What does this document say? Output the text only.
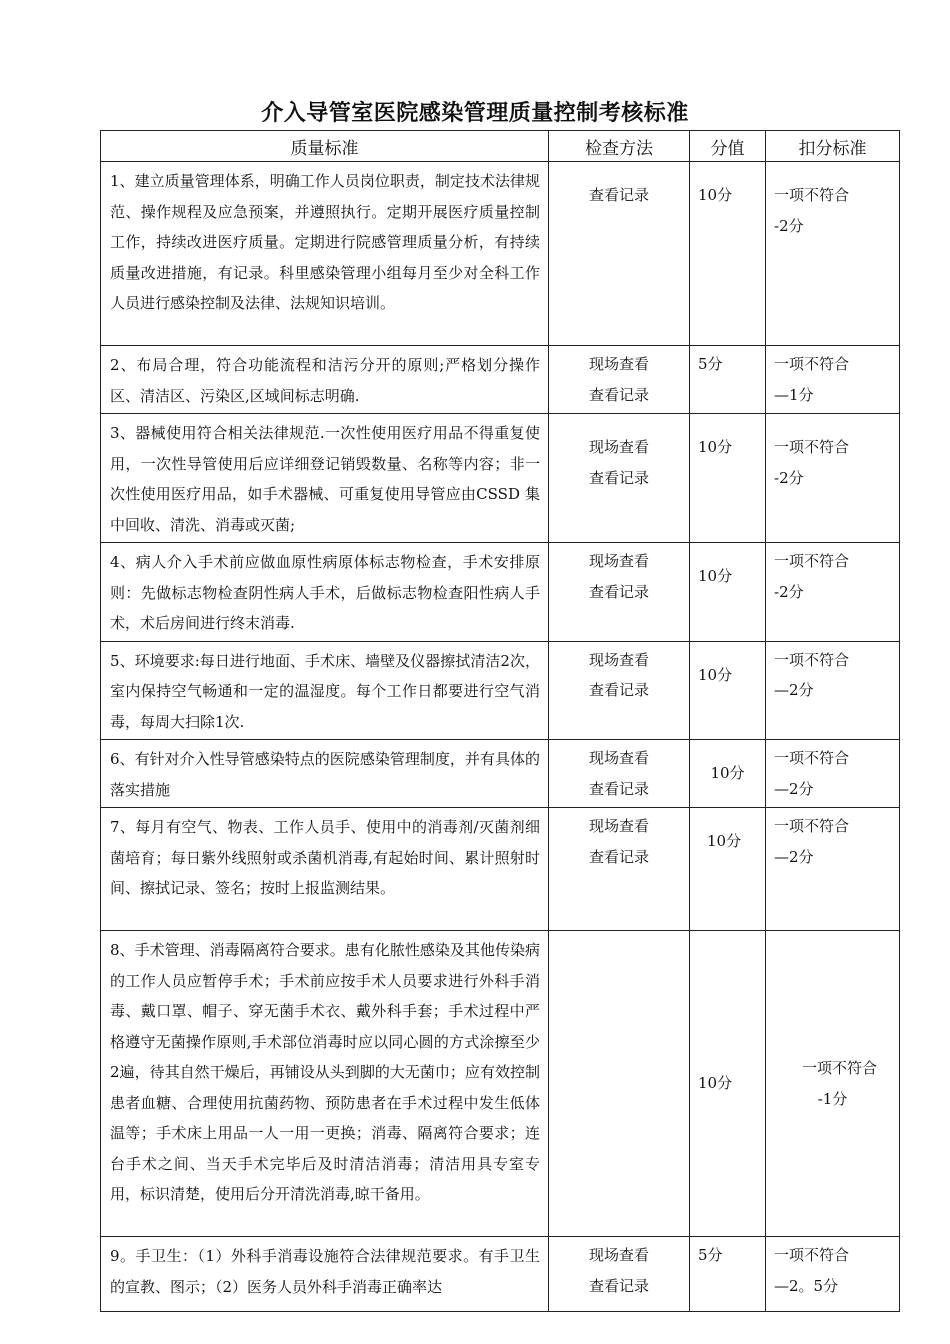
介入导管室医院感染管理质量控制考核标准
质量标准	检查方法	分值	扣分标准

1、建立质量管理体系，明确工作人员岗位职责，制定技术法律规范、操作规程及应急预案，并遵照执行。定期开展医疗质量控制工作，持续改进医疗质量。定期进行院感管理质量分析，有持续质量改进措施，有记录。科里感染管理小组每月至少对全科工作人员进行感染控制及法律、法规知识培训。	查看记录	10分	一项不符合
-2分

2、布局合理，符合功能流程和洁污分开的原则;严格划分操作区、清洁区、污染区,区域间标志明确.	现场查看
查看记录	5分	一项不符合
—1分

3、器械使用符合相关法律规范.一次性使用医疗用品不得重复使用，一次性导管使用后应详细登记销毁数量、名称等内容；非一次性使用医疗用品，如手术器械、可重复使用导管应由CSSD 集中回收、清洗、消毒或灭菌;	现场查看
查看记录	10分	一项不符合
-2分

4、病人介入手术前应做血原性病原体标志物检查，手术安排原则：先做标志物检查阴性病人手术，后做标志物检查阳性病人手术，术后房间进行终末消毒.	现场查看
查看记录	10分	一项不符合
-2分

5、环境要求:每日进行地面、手术床、墙壁及仪器擦拭清洁2次，室内保持空气畅通和一定的温湿度。每个工作日都要进行空气消毒，每周大扫除1次.	现场查看
查看记录	10分	一项不符合
—2分

6、有针对介入性导管感染特点的医院感染管理制度，并有具体的落实措施	现场查看
查看记录	10分	一项不符合
—2分

7、每月有空气、物表、工作人员手、使用中的消毒剂/灭菌剂细菌培育；每日紫外线照射或杀菌机消毒,有起始时间、累计照射时间、擦拭记录、签名；按时上报监测结果。	现场查看
查看记录	10分	一项不符合
—2分

8、手术管理、消毒隔离符合要求。患有化脓性感染及其他传染病的工作人员应暂停手术；手术前应按手术人员要求进行外科手消毒、戴口罩、帽子、穿无菌手术衣、戴外科手套；手术过程中严格遵守无菌操作原则,手术部位消毒时应以同心圆的方式涂擦至少2遍，待其自然干燥后，再铺设从头到脚的大无菌巾；应有效控制患者血糖、合理使用抗菌药物、预防患者在手术过程中发生低体温等；手术床上用品一人一用一更换；消毒、隔离符合要求；连台手术之间、当天手术完毕后及时清洁消毒；清洁用具专室专用，标识清楚，使用后分开清洗消毒,晾干备用。		10分	一项不符合
-1分

9。手卫生：（1）外科手消毒设施符合法律规范要求。有手卫生的宣教、图示；（2）医务人员外科手消毒正确率达	现场查看
查看记录	5分	一项不符合
—2。5分
